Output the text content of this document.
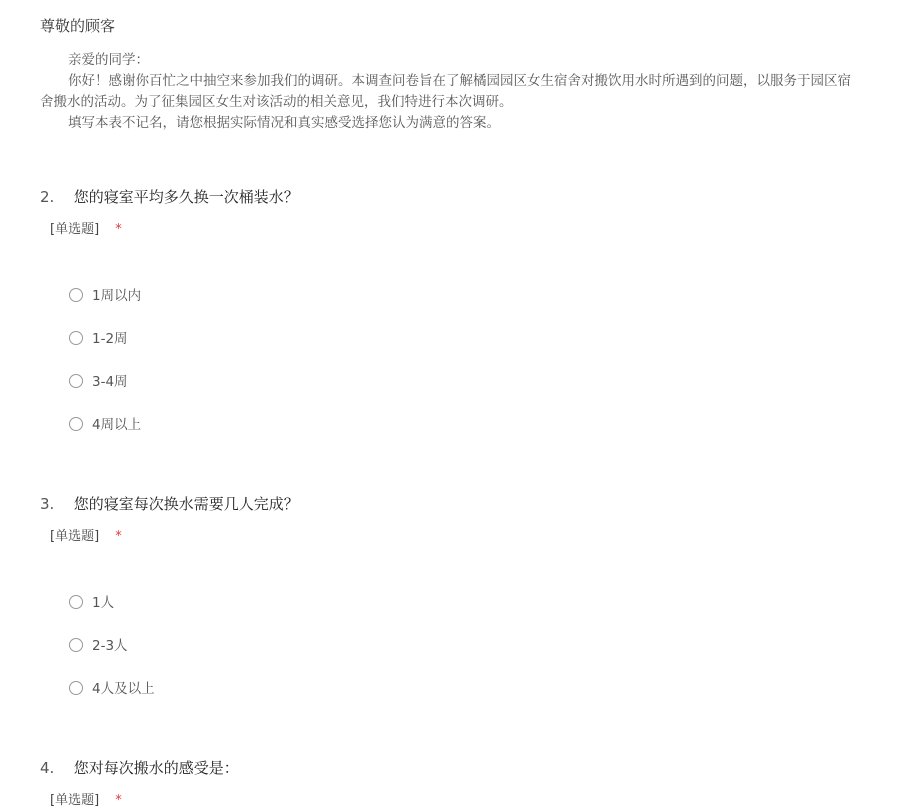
尊敬的顾客

亲爱的同学：

你好！感谢你百忙之中抽空来参加我们的调研。本调查问卷旨在了解橘园园区女生宿舍对搬饮用水时所遇到的问题，以服务于园区宿

舍搬水的活动。为了征集园区女生对该活动的相关意见，我们特进行本次调研。

填写本表不记名，请您根据实际情况和真实感受选择您认为满意的答案。

2. 您的寝室平均多久换一次桶装水？
[单选题] *
1周以内
1-2周
3-4周
4周以上
3. 您的寝室每次换水需要几人完成？
[单选题] *
1人
2-3人
4人及以上
4. 您对每次搬水的感受是：
[单选题] *
